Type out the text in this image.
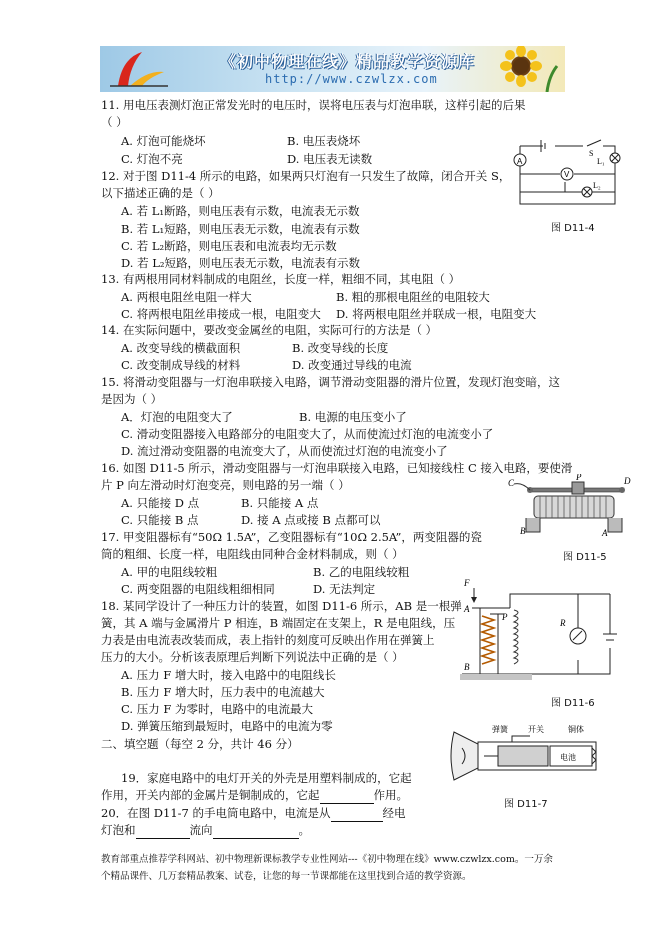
《初中物理在线》精品教学资源库
http://www.czwlzx.com
11. 用电压表测灯泡正常发光时的电压时，误将电压表与灯泡串联，这样引起的后果
（ ）
A. 灯泡可能烧坏	B. 电压表烧坏
C. 灯泡不亮	D. 电压表无读数
12. 对于图 D11-4 所示的电路，如果两只灯泡有一只发生了故障，闭合开关 S，
以下描述正确的是（ ）
A. 若 L₁断路，则电压表有示数，电流表无示数
B. 若 L₁短路，则电压表无示数，电流表有示数
C. 若 L₂断路，则电压表和电流表均无示数
D. 若 L₂短路，则电压表无示数，电流表有示数
A
S
L₁
V
L₂
图 D11-4
13. 有两根用同材料制成的电阻丝，长度一样，粗细不同，其电阻（ ）
A. 两根电阻丝电阻一样大	B. 粗的那根电阻丝的电阻较大
C. 将两根电阻丝串接成一根，电阻变大 D. 将两根电阻丝并联成一根，电阻变大
14. 在实际问题中，要改变金属丝的电阻，实际可行的方法是（ ）
A. 改变导线的横截面积	B. 改变导线的长度
C. 改变制成导线的材料	D. 改变通过导线的电流
15. 将滑动变阻器与一灯泡串联接入电路，调节滑动变阻器的滑片位置，发现灯泡变暗，这
是因为（ ）
A．灯泡的电阻变大了	B. 电源的电压变小了
C. 滑动变阻器接入电路部分的电阻变大了，从而使流过灯泡的电流变小了
D. 流过滑动变阻器的电流变大了，从而使流过灯泡的电流变小了
16. 如图 D11-5 所示，滑动变阻器与一灯泡串联接入电路，已知接线柱 C 接入电路，要使滑
片 P 向左滑动时灯泡变亮，则电路的另一端（ ）
A. 只能接 D 点	B. 只能接 A 点
C. 只能接 B 点	D. 接 A 点或接 B 点都可以
C
P	D
B	A
图 D11-5
17. 甲变阻器标有“50Ω 1.5A”，乙变阻器标有“10Ω 2.5A”，两变阻器的瓷
筒的粗细、长度一样，电阻线由同种合金材料制成，则（ ）
A. 甲的电阻线较粗	B. 乙的电阻线较粗
C. 两变阻器的电阻线粗细相同	D. 无法判定
18. 某同学设计了一种压力计的装置，如图 D11-6 所示，AB 是一根弹
簧，其 A 端与金属滑片 P 相连，B 端固定在支架上，R 是电阻线，压
力表是由电流表改装而成，表上指针的刻度可反映出作用在弹簧上
压力的大小。分析该表原理后判断下列说法中正确的是（ ）
A. 压力 F 增大时，接入电路中的电阻线长
B. 压力 F 增大时，压力表中的电流越大
C. 压力 F 为零时，电路中的电流最大
D. 弹簧压缩到最短时，电路中的电流为零
F
A
P
R
B
图 D11-6
二、填空题（每空 2 分，共计 46 分）
19．家庭电路中的电灯开关的外壳是用塑料制成的，它起
作用，开关内部的金属片是铜制成的，它起	作用。
20．在图 D11-7 的手电筒电路中，电流是从	经电
灯泡和	流向	。
弹簧	开关	铜体
电池
图 D11-7
教育部重点推荐学科网站、初中物理新课标教学专业性网站---《初中物理在线》www.czwlzx.com。一万余
个精品课件、几万套精品教案、试卷，让您的每一节课都能在这里找到合适的教学资源。
